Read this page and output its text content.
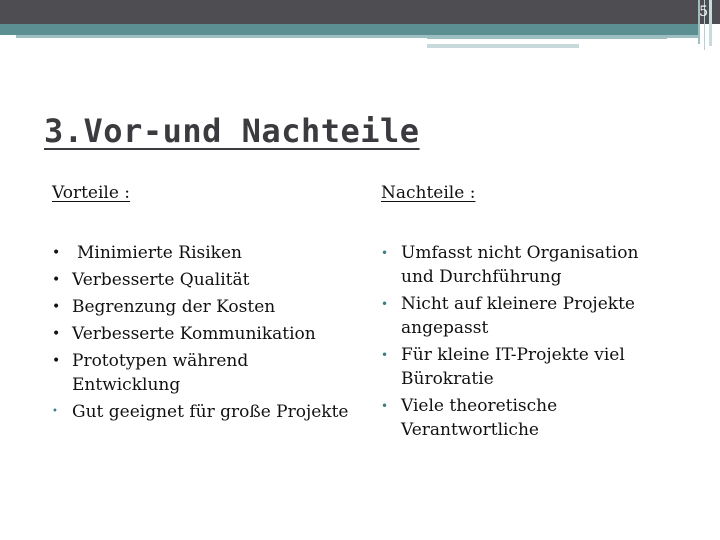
5
3.Vor-und Nachteile

Vorteile :

• Minimierte Risiken
• Verbesserte Qualität
• Begrenzung der Kosten
• Verbesserte Kommunikation
• Prototypen während Entwicklung
• Gut geeignet für große Projekte

Nachteile :

• Umfasst nicht Organisation und Durchführung
• Nicht auf kleinere Projekte angepasst
• Für kleine IT-Projekte viel Bürokratie
• Viele theoretische Verantwortliche
